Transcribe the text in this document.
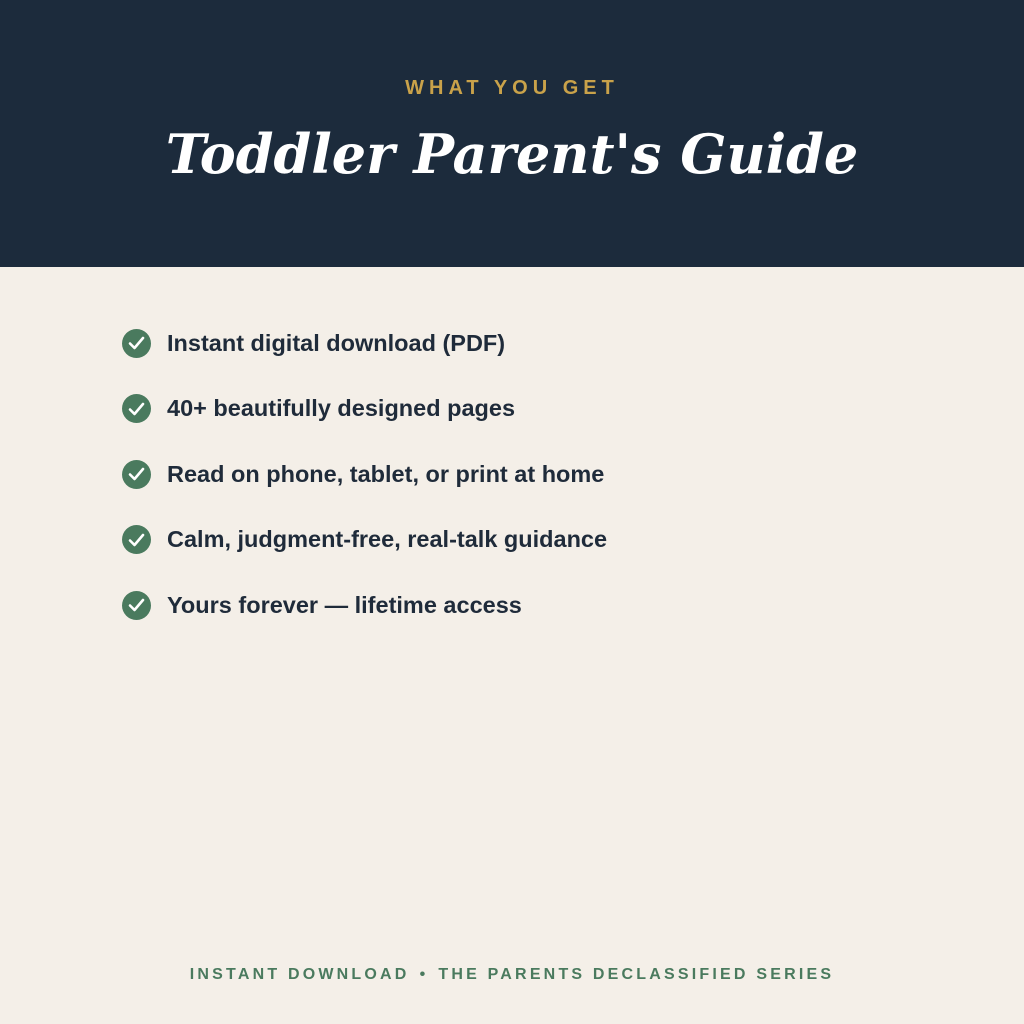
WHAT YOU GET
Toddler Parent's Guide
Instant digital download (PDF)
40+ beautifully designed pages
Read on phone, tablet, or print at home
Calm, judgment-free, real-talk guidance
Yours forever — lifetime access
INSTANT DOWNLOAD • THE PARENTS DECLASSIFIED SERIES
